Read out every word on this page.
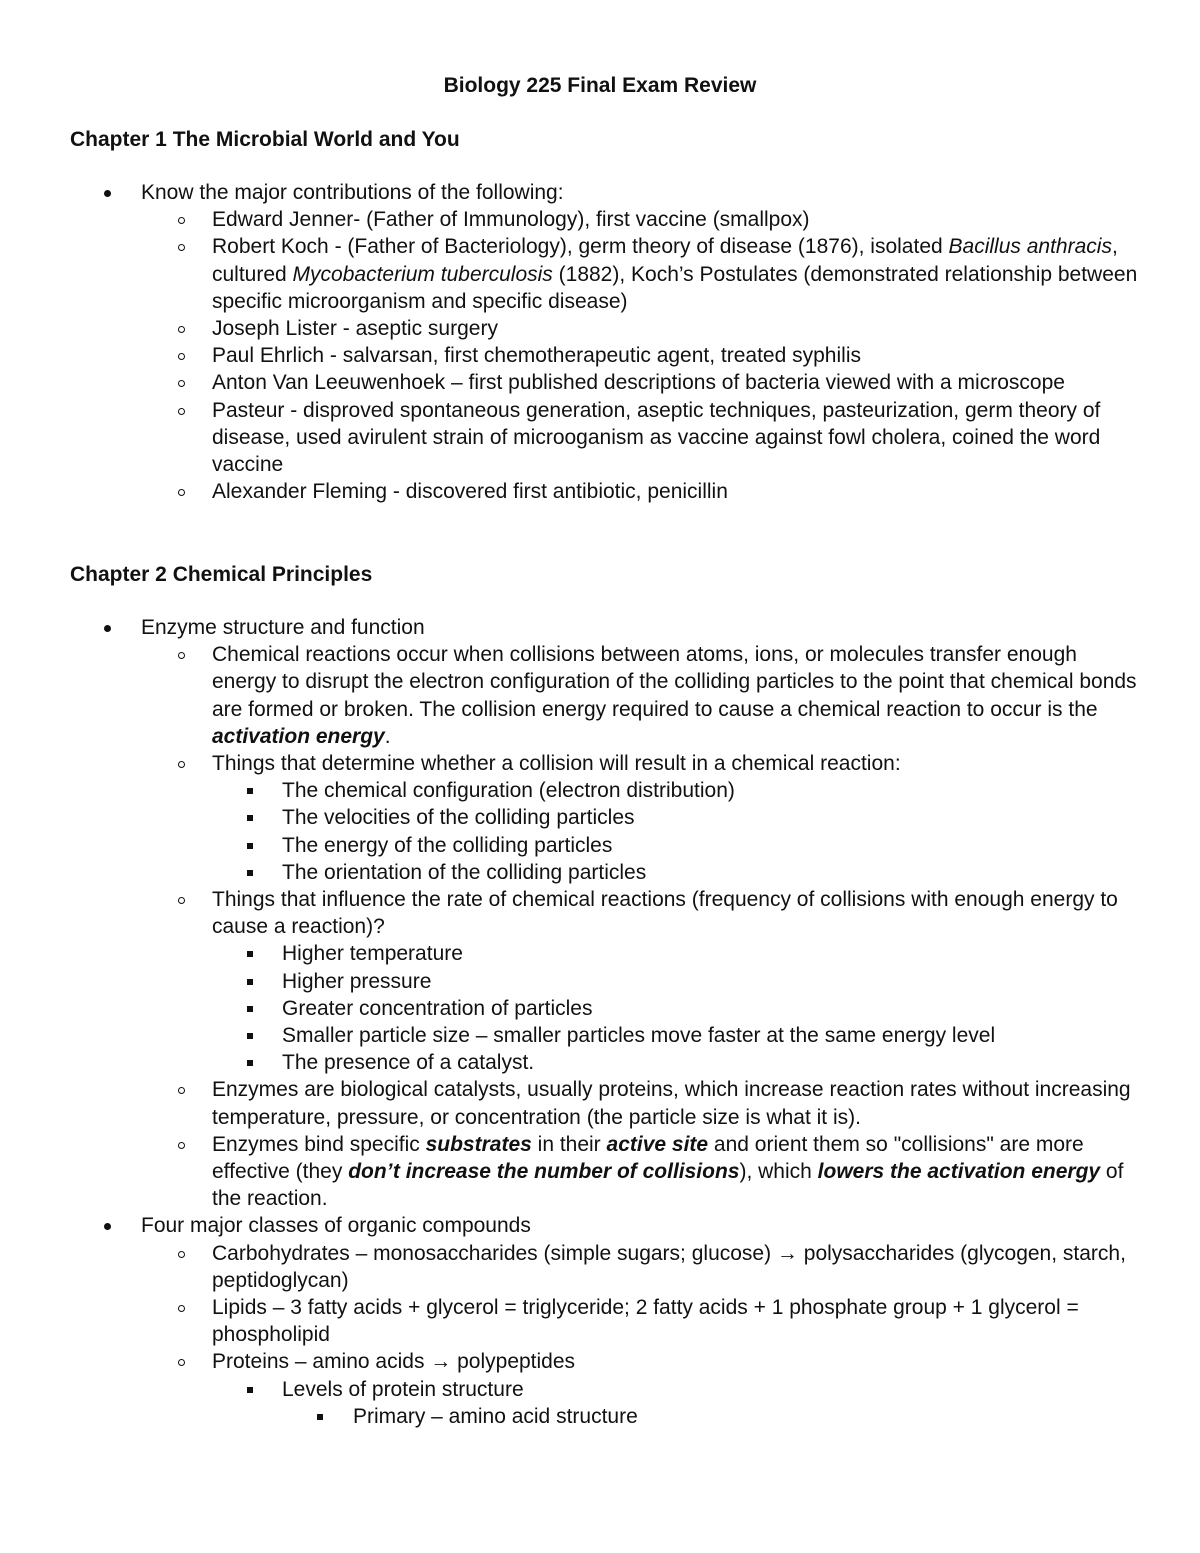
Biology 225 Final Exam Review
Chapter 1 The Microbial World and You
Know the major contributions of the following:
Edward Jenner- (Father of Immunology), first vaccine (smallpox)
Robert Koch - (Father of Bacteriology), germ theory of disease (1876), isolated Bacillus anthracis, cultured Mycobacterium tuberculosis (1882), Koch’s Postulates (demonstrated relationship between specific microorganism and specific disease)
Joseph Lister - aseptic surgery
Paul Ehrlich - salvarsan, first chemotherapeutic agent, treated syphilis
Anton Van Leeuwenhoek – first published descriptions of bacteria viewed with a microscope
Pasteur - disproved spontaneous generation, aseptic techniques, pasteurization, germ theory of disease, used avirulent strain of microoganism as vaccine against fowl cholera, coined the word vaccine
Alexander Fleming - discovered first antibiotic, penicillin
Chapter 2 Chemical Principles
Enzyme structure and function
Chemical reactions occur when collisions between atoms, ions, or molecules transfer enough energy to disrupt the electron configuration of the colliding particles to the point that chemical bonds are formed or broken. The collision energy required to cause a chemical reaction to occur is the activation energy.
Things that determine whether a collision will result in a chemical reaction:
The chemical configuration (electron distribution)
The velocities of the colliding particles
The energy of the colliding particles
The orientation of the colliding particles
Things that influence the rate of chemical reactions (frequency of collisions with enough energy to cause a reaction)?
Higher temperature
Higher pressure
Greater concentration of particles
Smaller particle size – smaller particles move faster at the same energy level
The presence of a catalyst.
Enzymes are biological catalysts, usually proteins, which increase reaction rates without increasing temperature, pressure, or concentration (the particle size is what it is).
Enzymes bind specific substrates in their active site and orient them so "collisions" are more effective (they don’t increase the number of collisions), which lowers the activation energy of the reaction.
Four major classes of organic compounds
Carbohydrates – monosaccharides (simple sugars; glucose) → polysaccharides (glycogen, starch, peptidoglycan)
Lipids – 3 fatty acids + glycerol = triglyceride; 2 fatty acids + 1 phosphate group + 1 glycerol = phospholipid
Proteins – amino acids → polypeptides
Levels of protein structure
Primary – amino acid structure
